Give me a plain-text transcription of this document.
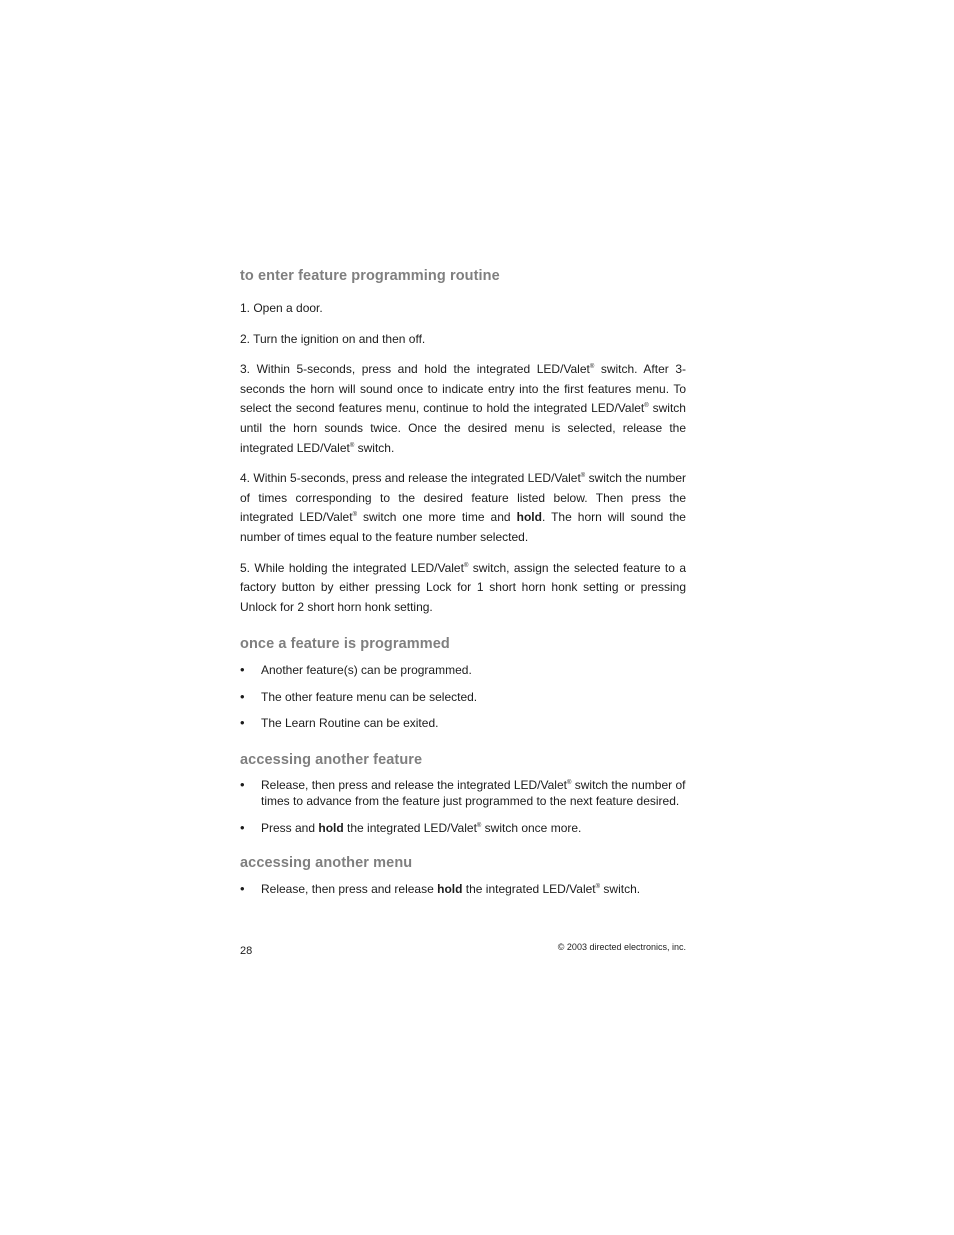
to enter feature programming routine

1. Open a door.

2. Turn the ignition on and then off.

3. Within 5-seconds, press and hold the integrated LED/Valet® switch. After 3-seconds the horn will sound once to indicate entry into the first features menu. To select the second features menu, continue to hold the integrated LED/Valet® switch until the horn sounds twice. Once the desired menu is selected, release the integrated LED/Valet® switch.

4. Within 5-seconds, press and release the integrated LED/Valet® switch the number of times corresponding to the desired feature listed below. Then press the integrated LED/Valet® switch one more time and hold. The horn will sound the number of times equal to the feature number selected.

5. While holding the integrated LED/Valet® switch, assign the selected feature to a factory button by either pressing Lock for 1 short horn honk setting or pressing Unlock for 2 short horn honk setting.

once a feature is programmed
• Another feature(s) can be programmed.
• The other feature menu can be selected.
• The Learn Routine can be exited.
accessing another feature
• Release, then press and release the integrated LED/Valet® switch the number of times to advance from the feature just programmed to the next feature desired.
• Press and hold the integrated LED/Valet® switch once more.
accessing another menu
• Release, then press and release hold the integrated LED/Valet® switch.
28	© 2003 directed electronics, inc.
